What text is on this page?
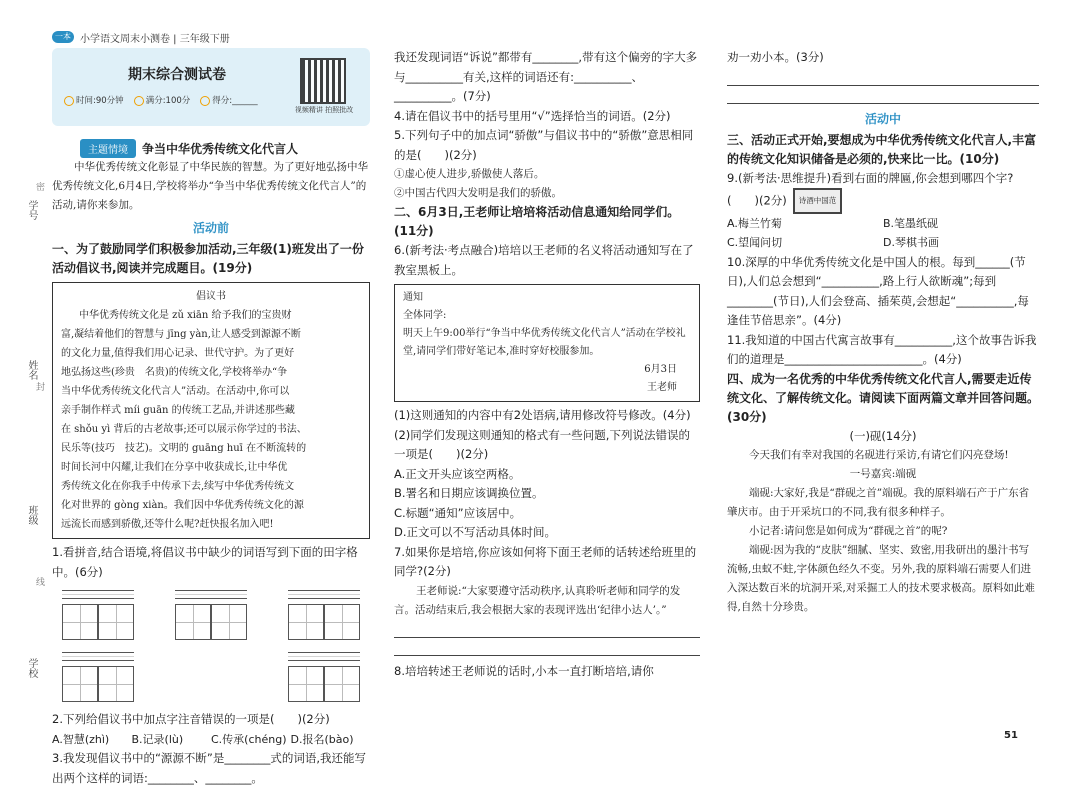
一本 小学语文周末小测卷 | 三年级下册
学号
密
姓名
封
班级
线
学校
期末综合测试卷
时间:90分钟	满分:100分	得分:______
视频精讲 拍照批改
主题情境	争当中华优秀传统文化代言人

中华优秀传统文化彰显了中华民族的智慧。为了更好地弘扬中华优秀传统文化,6月4日,学校将举办“争当中华优秀传统文化代言人”的活动,请你来参加。

活动前
一、为了鼓励同学们积极参加活动,三年级(1)班发出了一份活动倡议书,阅读并完成题目。(19分)

倡议书

中华优秀传统文化是 zǔ xiān 给予我们的宝贵财

富,凝结着他们的智慧与 jīng yàn,让人感受到源源不断

的文化力量,值得我们用心记录、世代守护。为了更好

地弘扬这些(珍贵　名贵)的传统文化,学校将举办“争

当中华优秀传统文化代言人”活动。在活动中,你可以

亲手制作样式 míi guān 的传统工艺品,并讲述那些藏

在 shǒu yì 背后的古老故事;还可以展示你学过的书法、

民乐等(技巧　技艺)。文明的 guāng huī 在不断流转的

时间长河中闪耀,让我们在分享中收获成长,让中华优

秀传统文化在你我手中传承下去,续写中华优秀传统文

化对世界的 gòng xiàn。我们因中华优秀传统文化的源

远流长而感到骄傲,还等什么呢?赶快报名加入吧!

1.看拼音,结合语境,将倡议书中缺少的词语写到下面的田字格中。(6分)
2.下列给倡议书中加点字注音错误的一项是(　　)(2分)
A.智慧(zhì)	B.记录(lù)	C.传承(chéng) D.报名(bào)
3.我发现倡议书中的“源源不断”是________式的词语,我还能写出两个这样的词语:________、________。
我还发现词语“诉说”都带有________,带有这个偏旁的字大多与__________有关,这样的词语还有:__________、__________。(7分)
4.请在倡议书中的括号里用“√”选择恰当的词语。(2分)
5.下列句子中的加点词“骄傲”与倡议书中的“骄傲”意思相同的是(　　)(2分)
①虚心使人进步,骄傲使人落后。
②中国古代四大发明是我们的骄傲。
二、6月3日,王老师让培培将活动信息通知给同学们。(11分)
6.(新考法·考点融合)培培以王老师的名义将活动通知写在了教室黑板上。

通知

全体同学:

明天上午9:00举行“争当中华优秀传统文化代言人”活动在学校礼堂,请同学们带好笔记本,准时穿好校服参加。

6月3日

王老师

(1)这则通知的内容中有2处语病,请用修改符号修改。(4分)
(2)同学们发现这则通知的格式有一些问题,下列说法错误的一项是(　　)(2分)
A.正文开头应该空两格。
B.署名和日期应该调换位置。
C.标题“通知”应该居中。
D.正文可以不写活动具体时间。
7.如果你是培培,你应该如何将下面王老师的话转述给班里的同学?(2分)

王老师说:“大家要遵守活动秩序,认真聆听老师和同学的发言。活动结束后,我会根据大家的表现评选出‘纪律小达人’。”

8.培培转述王老师说的话时,小本一直打断培培,请你
劝一劝小本。(3分)
活动中
三、活动正式开始,要想成为中华优秀传统文化代言人,丰富的传统文化知识储备是必须的,快来比一比。(10分)
9.(新考法·思维提升)看到右面的牌匾,你会想到哪四个字?(　　)(2分) 诗酒中国范
A.梅兰竹菊	B.笔墨纸砚
C.望闻问切	D.琴棋书画
10.深厚的中华优秀传统文化是中国人的根。每到______(节日),人们总会想到“__________,路上行人欲断魂”;每到________(节日),人们会登高、插茱萸,会想起“__________,每逢佳节倍思亲”。(4分)
11.我知道的中国古代寓言故事有__________,这个故事告诉我们的道理是________________________。(4分)
四、成为一名优秀的中华优秀传统文化代言人,需要走近传统文化、了解传统文化。请阅读下面两篇文章并回答问题。(30分)
(一)砚(14分)

今天我们有幸对我国的名砚进行采访,有请它们闪亮登场!

一号嘉宾:端砚

端砚:大家好,我是“群砚之首”端砚。我的原料端石产于广东省肇庆市。由于开采坑口的不同,我有很多种样子。

小记者:请问您是如何成为“群砚之首”的呢?

端砚:因为我的“皮肤”细腻、坚实、致密,用我研出的墨汁书写流畅,虫蚁不蛀,字体颜色经久不变。另外,我的原料端石需要人们进入深达数百米的坑洞开采,对采掘工人的技术要求极高。原料如此难得,自然十分珍贵。

51
